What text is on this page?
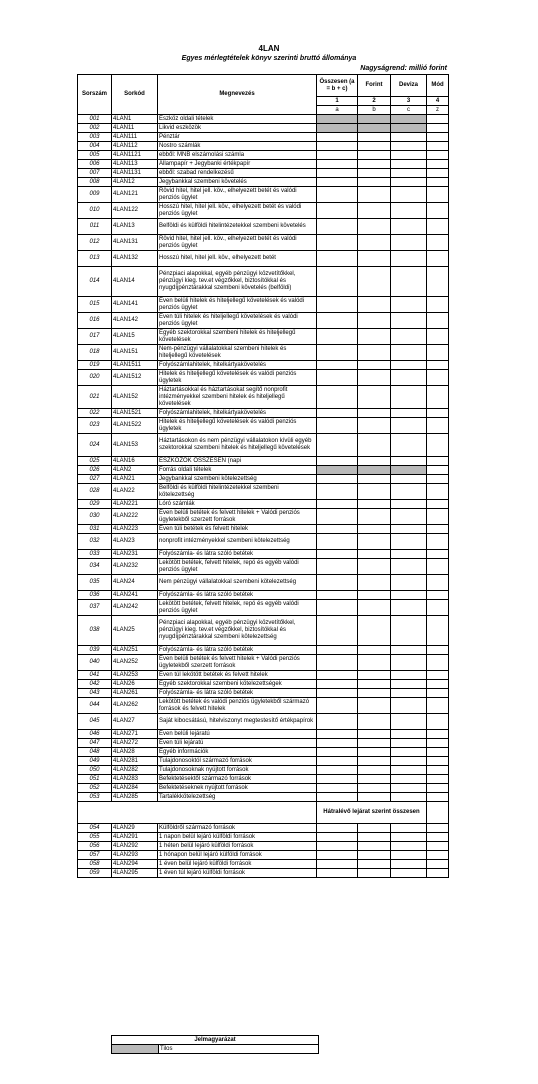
4LAN
Egyes mérlegtételek könyv szerinti bruttó állománya
Nagyságrend: millió forint
Sorszám	Sorkód	Megnevezés	Összesen (a = b + c)	Forint	Deviza	Mód
			1	2	3	4
			a	b	c	z
001	4LAN1	Eszköz oldali tételek				
002	4LAN11	Likvid eszközök				
003	4LAN111	Pénztár				
004	4LAN112	Nostro számlák				
005	4LAN1121	ebből: MNB elszámolási számla				
006	4LAN113	Állampapír + Jegybanki értékpapír				
007	4LAN1131	ebből: szabad rendelkezésű				
008	4LAN12	Jegybankkal szembeni követelés				
009	4LAN121	Rövid hitel, hitel jell. köv., elhelyezett betét és valódi penziós ügylet				
010	4LAN122	Hosszú hitel, hitel jell. köv., elhelyezett betét és valódi penziós ügylet				
011	4LAN13	Belföldi és külföldi hitelintézetekkel szembeni követelés				
012	4LAN131	Rövid hitel, hitel jell. köv., elhelyezett betét és valódi penziós ügylet				
013	4LAN132	Hosszú hitel, hitel jell. köv., elhelyezett betét				
014	4LAN14	Pénzpiaci alapokkal, egyéb pénzügyi közvetítőkkel, pénzügyi kieg. tev.et végzőkkel, biztosítókkal és nyugdíjpénztárakkal szembeni követelés (belföldi)				
015	4LAN141	Éven belüli hitelek és hiteljellegű követelések és valódi penziós ügylet				
016	4LAN142	Éven túli hitelek és hiteljellegű követelések és valódi penziós ügylet				
017	4LAN15	Egyéb szektorokkal szembeni hitelek és hiteljellegű követelések				
018	4LAN151	Nem-pénzügyi vállalatokkal szembeni hitelek és hiteljellegű követelések				
019	4LAN1511	Folyószámlahitelek, hitelkártyakövetelés				
020	4LAN1512	Hitelek és hiteljellegű követelések és valódi penziós ügyletek				
021	4LAN152	Háztartásokkal és háztartásokat segítő nonprofit intézményekkel szembeni hitelek és hiteljellegű követelések				
022	4LAN1521	Folyószámlahitelek, hitelkártyakövetelés				
023	4LAN1522	Hitelek és hiteljellegű követelések és valódi penziós ügyletek				
024	4LAN153	Háztartásokon és nem pénzügyi vállalatokon kívüli egyéb szektorokkal szembeni hitelek és hiteljellegű követelések				
025	4LAN16	ESZKÖZÖK ÖSSZESEN (napi				
026	4LAN2	Forrás oldali tételek				
027	4LAN21	Jegybankkal szembeni kötelezettség				
028	4LAN22	Belföldi és külföldi hitelintézetekkel szembeni kötelezettség				
029	4LAN221	Lóró számlák				
030	4LAN222	Éven belüli betétek és felvett hitelek + Valódi penziós ügyletekből szerzett források				
031	4LAN223	Éven túli betétek és felvett hitelek				
032	4LAN23	nonprofit intézményekkel szembeni kötelezettség				
033	4LAN231	Folyószámla- és látra szóló betétek				
034	4LAN232	Lekötött betétek, felvett hitelek, repó és egyéb valódi penziós ügylet				
035	4LAN24	Nem pénzügyi vállalatokkal szembeni kötelezettség				
036	4LAN241	Folyószámla- és látra szóló betétek				
037	4LAN242	Lekötött betétek, felvett hitelek, repó és egyéb valódi penziós ügylet				
038	4LAN25	Pénzpiaci alapokkal, egyéb pénzügyi közvetítőkkel, pénzügyi kieg. tev.et végzőkkel, biztosítókkal és nyugdíjpénztárakkal szembeni kötelezettség				
039	4LAN251	Folyószámla- és látra szóló betétek				
040	4LAN252	Éven belüli betétek és felvett hitelek + Valódi penziós ügyletekből szerzett források				
041	4LAN253	Éven túl lekötött betétek és felvett hitelek				
042	4LAN26	Egyéb szektorokkal szembeni kötelezettségek				
043	4LAN261	Folyószámla- és látra szóló betétek				
044	4LAN262	Lekötött betétek és valódi penziós ügyletekből származó források és felvett hitelek				
045	4LAN27	Saját kibocsátású, hitelviszonyt megtestesítő értékpapírok				
046	4LAN271	Éven belüli lejáratú				
047	4LAN272	Éven túli lejáratú				
048	4LAN28	Egyéb információk				
049	4LAN281	Tulajdonosoktól származó források				
050	4LAN282	Tulajdonosoknak nyújtott források				
051	4LAN283	Befektetésektől származó források				
052	4LAN284	Befektetéseknek nyújtott források				
053	4LAN285	Tartalékkötelezettség				
			Hátralévő lejárat szerint összesen			
054	4LAN29	Külföldről származó források				
055	4LAN291	1 napon belül lejáró külföldi források				
056	4LAN292	1 héten belül lejáró külföldi források				
057	4LAN293	1 hónapon belül lejáró külföldi források				
058	4LAN294	1 éven belül lejáró külföldi források				
059	4LAN295	1 éven túl lejáró külföldi források				
Jelmagyarázat
	Tilos
